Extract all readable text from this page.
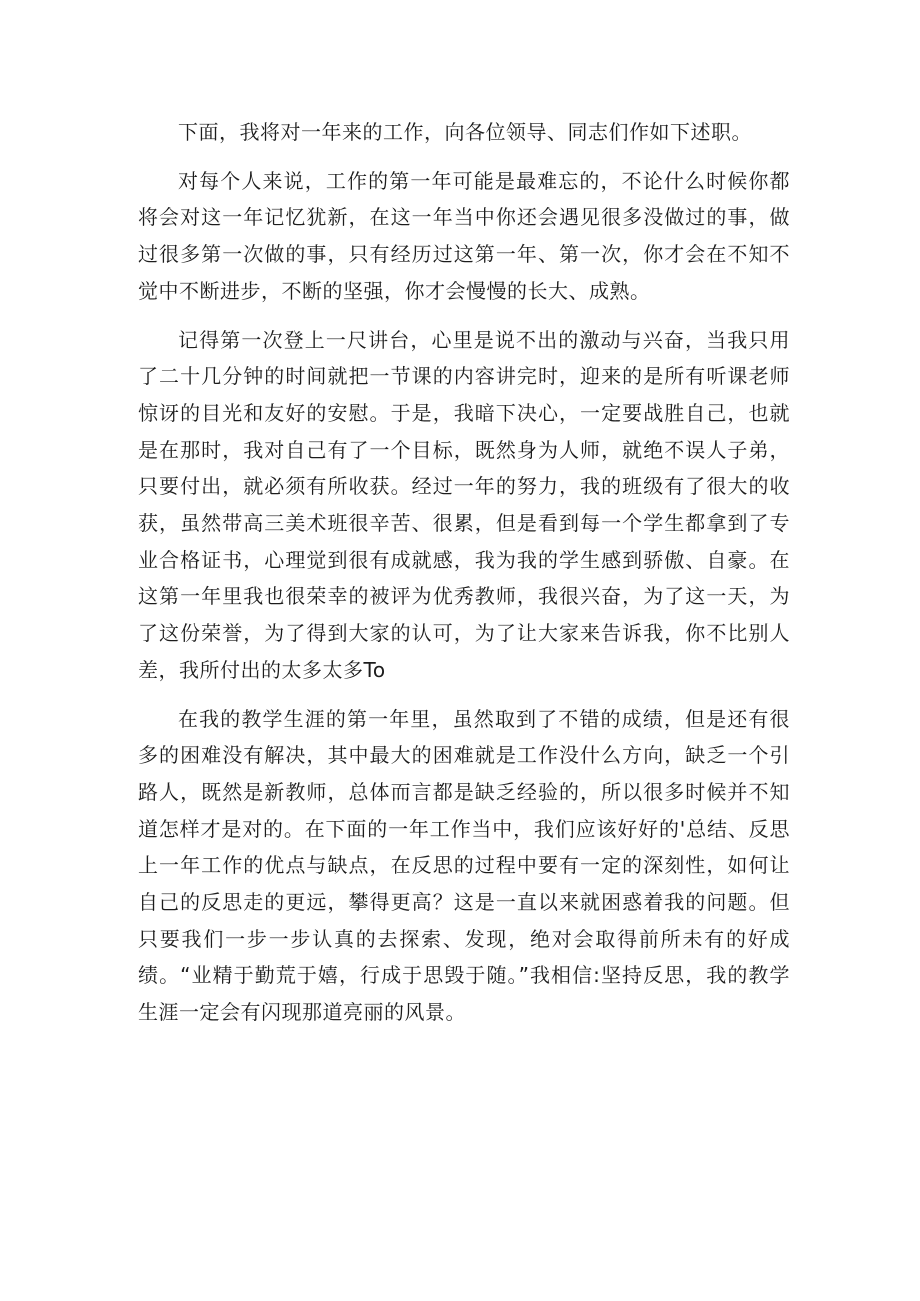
下面，我将对一年来的工作，向各位领导、同志们作如下述职。

对每个人来说，工作的第一年可能是最难忘的，不论什么时候你都将会对这一年记忆犹新，在这一年当中你还会遇见很多没做过的事，做过很多第一次做的事，只有经历过这第一年、第一次，你才会在不知不觉中不断进步，不断的坚强，你才会慢慢的长大、成熟。

记得第一次登上一尺讲台，心里是说不出的激动与兴奋，当我只用了二十几分钟的时间就把一节课的内容讲完时，迎来的是所有听课老师惊讶的目光和友好的安慰。于是，我暗下决心，一定要战胜自己，也就是在那时，我对自己有了一个目标，既然身为人师，就绝不误人子弟，只要付出，就必须有所收获。经过一年的努力，我的班级有了很大的收获，虽然带高三美术班很辛苦、很累，但是看到每一个学生都拿到了专业合格证书，心理觉到很有成就感，我为我的学生感到骄傲、自豪。在这第一年里我也很荣幸的被评为优秀教师，我很兴奋，为了这一天，为了这份荣誉，为了得到大家的认可，为了让大家来告诉我，你不比别人差，我所付出的太多太多To

在我的教学生涯的第一年里，虽然取到了不错的成绩，但是还有很多的困难没有解决，其中最大的困难就是工作没什么方向，缺乏一个引路人，既然是新教师，总体而言都是缺乏经验的，所以很多时候并不知道怎样才是对的。在下面的一年工作当中，我们应该好好的'总结、反思上一年工作的优点与缺点，在反思的过程中要有一定的深刻性，如何让自己的反思走的更远，攀得更高？这是一直以来就困惑着我的问题。但只要我们一步一步认真的去探索、发现，绝对会取得前所未有的好成绩。“业精于勤荒于嬉，行成于思毁于随。”我相信:坚持反思，我的教学生涯一定会有闪现那道亮丽的风景。
